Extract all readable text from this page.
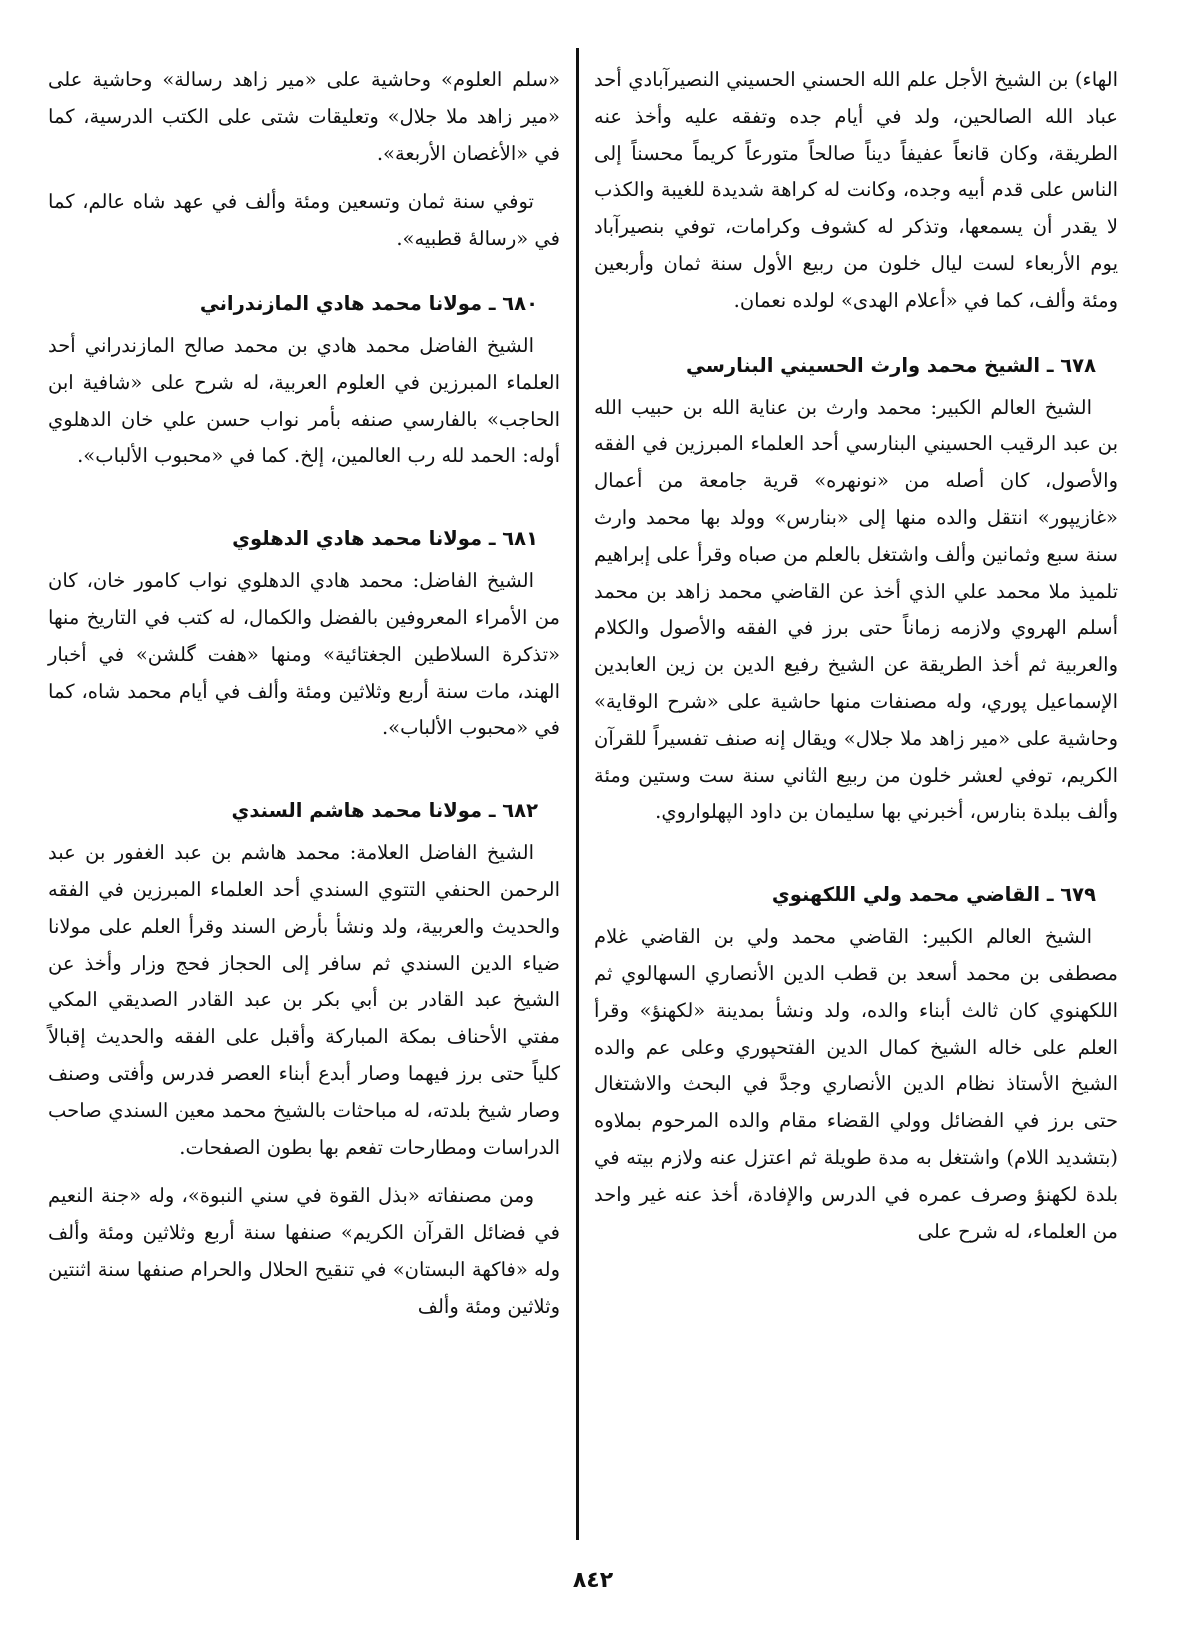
الهاء) بن الشيخ الأجل علم الله الحسني الحسيني النصيرآبادي أحد عباد الله الصالحين، ولد في أيام جده وتفقه عليه وأخذ عنه الطريقة، وكان قانعاً عفيفاً ديناً صالحاً متورعاً كريماً محسناً إلى الناس على قدم أبيه وجده، وكانت له كراهة شديدة للغيبة والكذب لا يقدر أن يسمعها، وتذكر له كشوف وكرامات، توفي بنصيرآباد يوم الأربعاء لست ليال خلون من ربيع الأول سنة ثمان وأربعين ومئة وألف، كما في «أعلام الهدى» لولده نعمان.

٦٧٨ ـ الشيخ محمد وارث الحسيني البنارسي

الشيخ العالم الكبير: محمد وارث بن عناية الله بن حبيب الله بن عبد الرقيب الحسيني البنارسي أحد العلماء المبرزين في الفقه والأصول، كان أصله من «نونهره» قرية جامعة من أعمال «غازيپور» انتقل والده منها إلى «بنارس» وولد بها محمد وارث سنة سبع وثمانين وألف واشتغل بالعلم من صباه وقرأ على إبراهيم تلميذ ملا محمد علي الذي أخذ عن القاضي محمد زاهد بن محمد أسلم الهروي ولازمه زماناً حتى برز في الفقه والأصول والكلام والعربية ثم أخذ الطريقة عن الشيخ رفيع الدين بن زين العابدين الإسماعيل پوري، وله مصنفات منها حاشية على «شرح الوقاية» وحاشية على «مير زاهد ملا جلال» ويقال إنه صنف تفسيراً للقرآن الكريم، توفي لعشر خلون من ربيع الثاني سنة ست وستين ومئة وألف ببلدة بنارس، أخبرني بها سليمان بن داود الپهلواروي.

٦٧٩ ـ القاضي محمد ولي اللكهنوي

الشيخ العالم الكبير: القاضي محمد ولي بن القاضي غلام مصطفى بن محمد أسعد بن قطب الدين الأنصاري السهالوي ثم اللكهنوي كان ثالث أبناء والده، ولد ونشأ بمدينة «لكهنؤ» وقرأ العلم على خاله الشيخ كمال الدين الفتحپوري وعلى عم والده الشيخ الأستاذ نظام الدين الأنصاري وجدَّ في البحث والاشتغال حتى برز في الفضائل وولي القضاء مقام والده المرحوم بملاوه (بتشديد اللام) واشتغل به مدة طويلة ثم اعتزل عنه ولازم بيته في بلدة لكهنؤ وصرف عمره في الدرس والإفادة، أخذ عنه غير واحد من العلماء، له شرح على

«سلم العلوم» وحاشية على «مير زاهد رسالة» وحاشية على «مير زاهد ملا جلال» وتعليقات شتى على الكتب الدرسية، كما في «الأغصان الأربعة».

توفي سنة ثمان وتسعين ومئة وألف في عهد شاه عالم، كما في «رسالهٔ قطبيه».

٦٨٠ ـ مولانا محمد هادي المازندراني

الشيخ الفاضل محمد هادي بن محمد صالح المازندراني أحد العلماء المبرزين في العلوم العربية، له شرح على «شافية ابن الحاجب» بالفارسي صنفه بأمر نواب حسن علي خان الدهلوي أوله: الحمد لله رب العالمين، إلخ. كما في «محبوب الألباب».

٦٨١ ـ مولانا محمد هادي الدهلوي

الشيخ الفاضل: محمد هادي الدهلوي نواب كامور خان، كان من الأمراء المعروفين بالفضل والكمال، له كتب في التاريخ منها «تذكرة السلاطين الجغتائية» ومنها «هفت گلشن» في أخبار الهند، مات سنة أربع وثلاثين ومئة وألف في أيام محمد شاه، كما في «محبوب الألباب».

٦٨٢ ـ مولانا محمد هاشم السندي

الشيخ الفاضل العلامة: محمد هاشم بن عبد الغفور بن عبد الرحمن الحنفي التتوي السندي أحد العلماء المبرزين في الفقه والحديث والعربية، ولد ونشأ بأرض السند وقرأ العلم على مولانا ضياء الدين السندي ثم سافر إلى الحجاز فحج وزار وأخذ عن الشيخ عبد القادر بن أبي بكر بن عبد القادر الصديقي المكي مفتي الأحناف بمكة المباركة وأقبل على الفقه والحديث إقبالاً كلياً حتى برز فيهما وصار أبدع أبناء العصر فدرس وأفتى وصنف وصار شيخ بلدته، له مباحثات بالشيخ محمد معين السندي صاحب الدراسات ومطارحات تفعم بها بطون الصفحات.

ومن مصنفاته «بذل القوة في سني النبوة»، وله «جنة النعيم في فضائل القرآن الكريم» صنفها سنة أربع وثلاثين ومئة وألف وله «فاكهة البستان» في تنقيح الحلال والحرام صنفها سنة اثنتين وثلاثين ومئة وألف

٨٤٢
